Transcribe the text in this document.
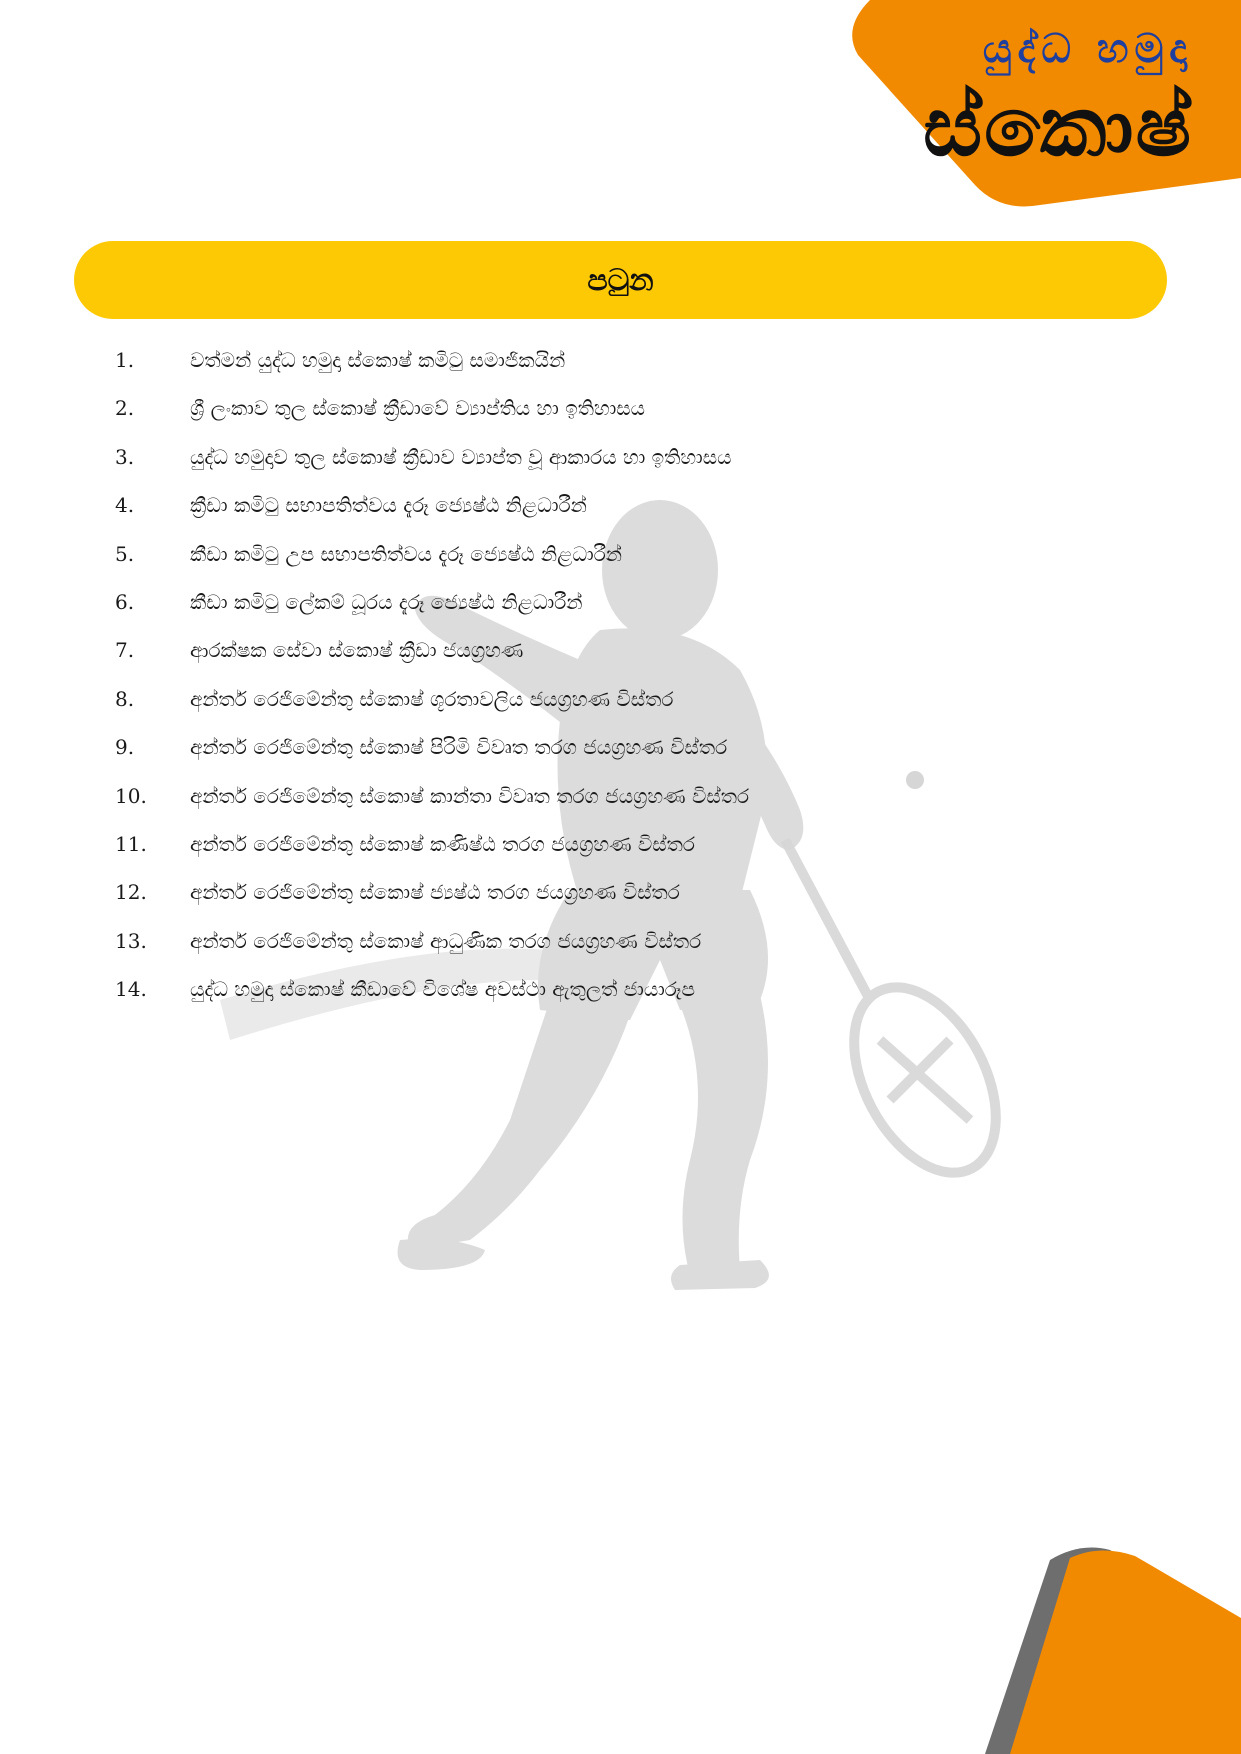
යුද්ධ හමුදා
ස්කොෂ්
පටුන
1.	වත්මන් යුද්ධ හමුදා ස්කොෂ් කමිටු සමාජිකයින්
2.	ශ්‍රී ලංකාව තුල ස්කොෂ් ක්‍රීඩාවේ ව්‍යාප්තිය හා ඉතිහාසය
3.	යුද්ධ හමුදාව තුල ස්කොෂ් ක්‍රීඩාව ව්‍යාප්ත වූ ආකාරය හා ඉතිහාසය
4.	ක්‍රීඩා කමිටු සභාපතිත්වය දැරූ ජ්‍යෙෂ්ඨ නිළධාරීන්
5.	කීඩා කමිටු උප සභාපතිත්වය දැරූ ජ්‍යෙෂ්ඨ නිළධාරීන්
6.	කීඩා කමිටු ලේකම් ධූරය දැරූ ජ්‍යෙෂ්ඨ නිළධාරීන්
7.	ආරක්ෂක සේවා ස්කොෂ් ක්‍රීඩා ජයග්‍රහණ
8.	අන්තර් රෙජිමේන්තු ස්කොෂ් ශූරතාවලිය ජයග්‍රහණ විස්තර
9.	අන්තර් රෙජිමේන්තු ස්කොෂ් පිරිමි විවෘත තරග ජයග්‍රහණ විස්තර
10.	අන්තර් රෙජිමේන්තු ස්කොෂ් කාන්තා විවෘත තරග ජයග්‍රහණ විස්තර
11.	අන්තර් රෙජිමේන්තු ස්කොෂ් කණිෂ්ඨ තරග ජයග්‍රහණ විස්තර
12.	අන්තර් රෙජිමේන්තු ස්කොෂ් ජ්‍යෂ්ඨ තරග ජයග්‍රහණ විස්තර
13.	අන්තර් රෙජිමේන්තු ස්කොෂ් ආධුණික තරග ජයග්‍රහණ විස්තර
14.	යුද්ධ හමුදා ස්කොෂ් කීඩාවේ විශේෂ අවස්ථා ඇතුලත් ජායාරූප
